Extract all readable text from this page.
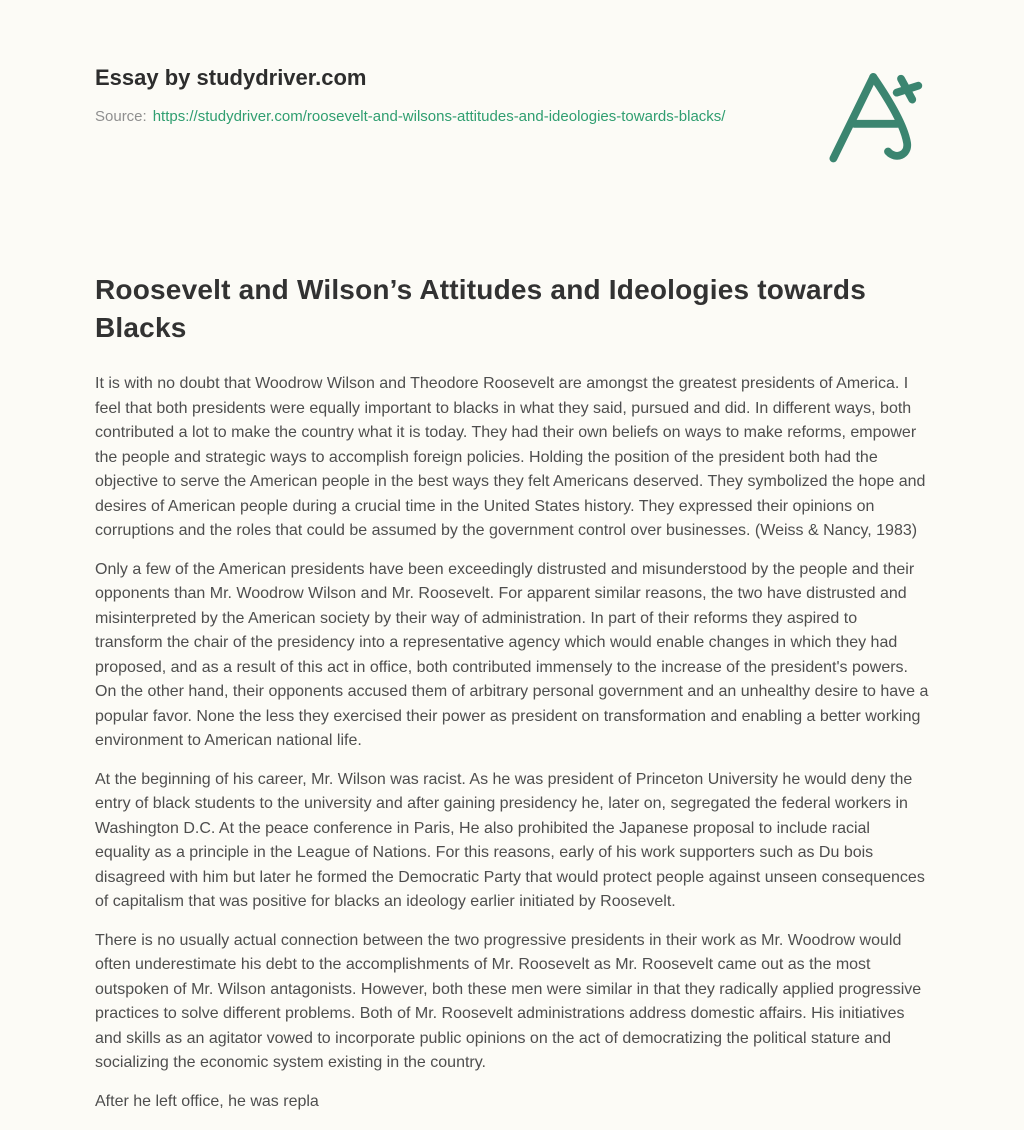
Essay by studydriver.com
Source: https://studydriver.com/roosevelt-and-wilsons-attitudes-and-ideologies-towards-blacks/
Roosevelt and Wilson’s Attitudes and Ideologies towards Blacks

It is with no doubt that Woodrow Wilson and Theodore Roosevelt are amongst the greatest presidents of America. I feel that both presidents were equally important to blacks in what they said, pursued and did. In different ways, both contributed a lot to make the country what it is today. They had their own beliefs on ways to make reforms, empower the people and strategic ways to accomplish foreign policies. Holding the position of the president both had the objective to serve the American people in the best ways they felt Americans deserved. They symbolized the hope and desires of American people during a crucial time in the United States history. They expressed their opinions on corruptions and the roles that could be assumed by the government control over businesses. (Weiss & Nancy, 1983)

Only a few of the American presidents have been exceedingly distrusted and misunderstood by the people and their opponents than Mr. Woodrow Wilson and Mr. Roosevelt. For apparent similar reasons, the two have distrusted and misinterpreted by the American society by their way of administration. In part of their reforms they aspired to transform the chair of the presidency into a representative agency which would enable changes in which they had proposed, and as a result of this act in office, both contributed immensely to the increase of the president's powers. On the other hand, their opponents accused them of arbitrary personal government and an unhealthy desire to have a popular favor. None the less they exercised their power as president on transformation and enabling a better working environment to American national life.

At the beginning of his career, Mr. Wilson was racist. As he was president of Princeton University he would deny the entry of black students to the university and after gaining presidency he, later on, segregated the federal workers in Washington D.C. At the peace conference in Paris, He also prohibited the Japanese proposal to include racial equality as a principle in the League of Nations. For this reasons, early of his work supporters such as Du bois disagreed with him but later he formed the Democratic Party that would protect people against unseen consequences of capitalism that was positive for blacks an ideology earlier initiated by Roosevelt.

There is no usually actual connection between the two progressive presidents in their work as Mr. Woodrow would often underestimate his debt to the accomplishments of Mr. Roosevelt as Mr. Roosevelt came out as the most outspoken of Mr. Wilson antagonists. However, both these men were similar in that they radically applied progressive practices to solve different problems. Both of Mr. Roosevelt administrations address domestic affairs. His initiatives and skills as an agitator vowed to incorporate public opinions on the act of democratizing the political stature and socializing the economic system existing in the country.

After he left office, he was repla
